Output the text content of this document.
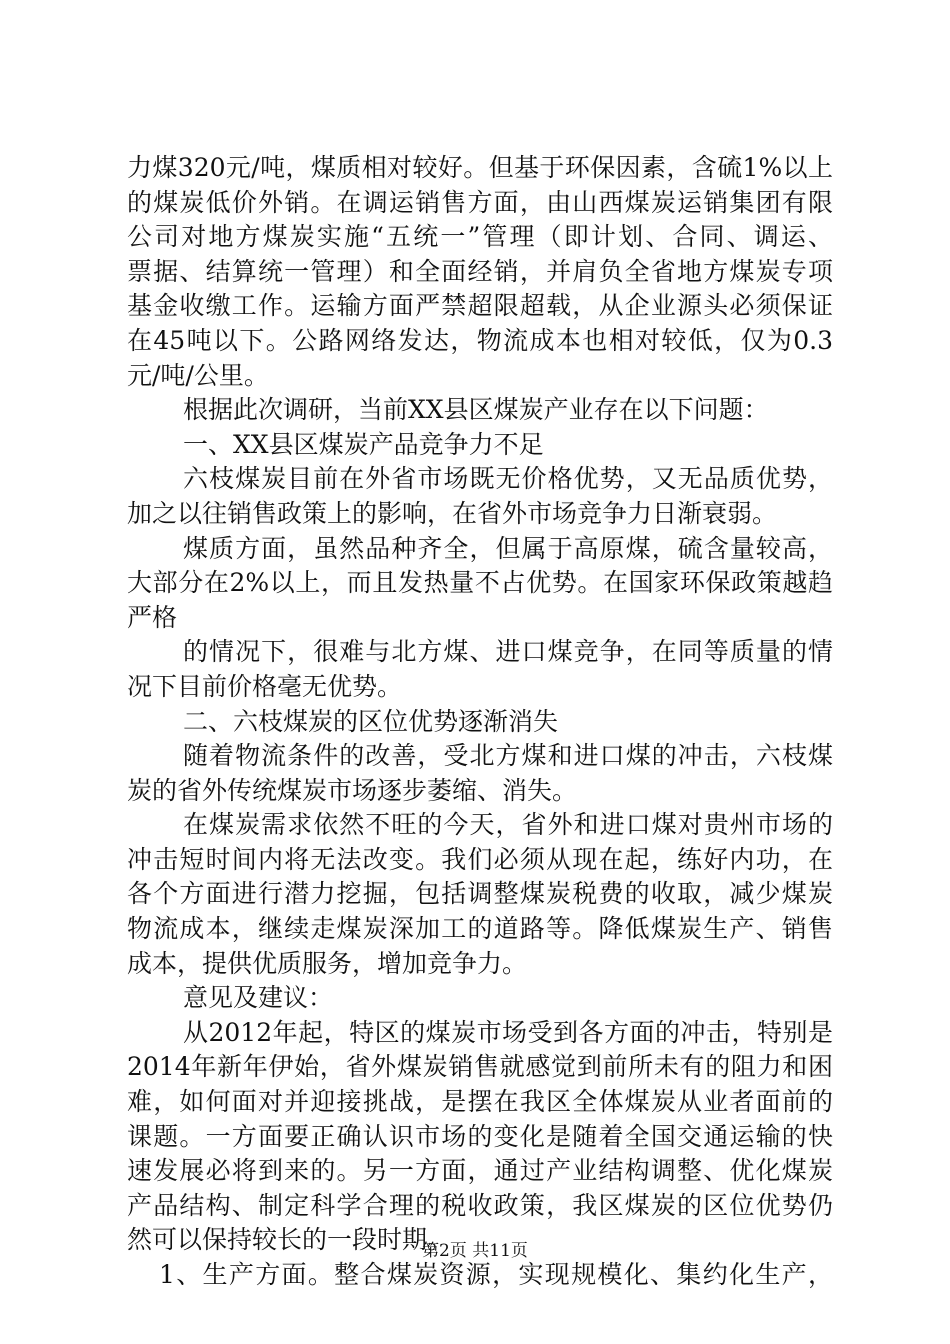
力煤320元/吨，煤质相对较好。但基于环保因素，含硫1%以上
的煤炭低价外销。在调运销售方面，由山西煤炭运销集团有限
公司对地方煤炭实施“五统一”管理（即计划、合同、调运、
票据、结算统一管理）和全面经销，并肩负全省地方煤炭专项
基金收缴工作。运输方面严禁超限超载，从企业源头必须保证
在45吨以下。公路网络发达，物流成本也相对较低，仅为0.3
元/吨/公里。
根据此次调研，当前XX县区煤炭产业存在以下问题：
一、XX县区煤炭产品竞争力不足
六枝煤炭目前在外省市场既无价格优势，又无品质优势，
加之以往销售政策上的影响，在省外市场竞争力日渐衰弱。
煤质方面，虽然品种齐全，但属于高原煤，硫含量较高，
大部分在2%以上，而且发热量不占优势。在国家环保政策越趋
严格
的情况下，很难与北方煤、进口煤竞争，在同等质量的情
况下目前价格毫无优势。
二、六枝煤炭的区位优势逐渐消失
随着物流条件的改善，受北方煤和进口煤的冲击，六枝煤
炭的省外传统煤炭市场逐步萎缩、消失。
在煤炭需求依然不旺的今天，省外和进口煤对贵州市场的
冲击短时间内将无法改变。我们必须从现在起，练好内功，在
各个方面进行潜力挖掘，包括调整煤炭税费的收取，减少煤炭
物流成本，继续走煤炭深加工的道路等。降低煤炭生产、销售
成本，提供优质服务，增加竞争力。
意见及建议：
从2012年起，特区的煤炭市场受到各方面的冲击，特别是
2014年新年伊始，省外煤炭销售就感觉到前所未有的阻力和困
难，如何面对并迎接挑战，是摆在我区全体煤炭从业者面前的
课题。一方面要正确认识市场的变化是随着全国交通运输的快
速发展必将到来的。另一方面，通过产业结构调整、优化煤炭
产品结构、制定科学合理的税收政策，我区煤炭的区位优势仍
然可以保持较长的一段时期。
1、生产方面。整合煤炭资源，实现规模化、集约化生产，
第2页 共11页
